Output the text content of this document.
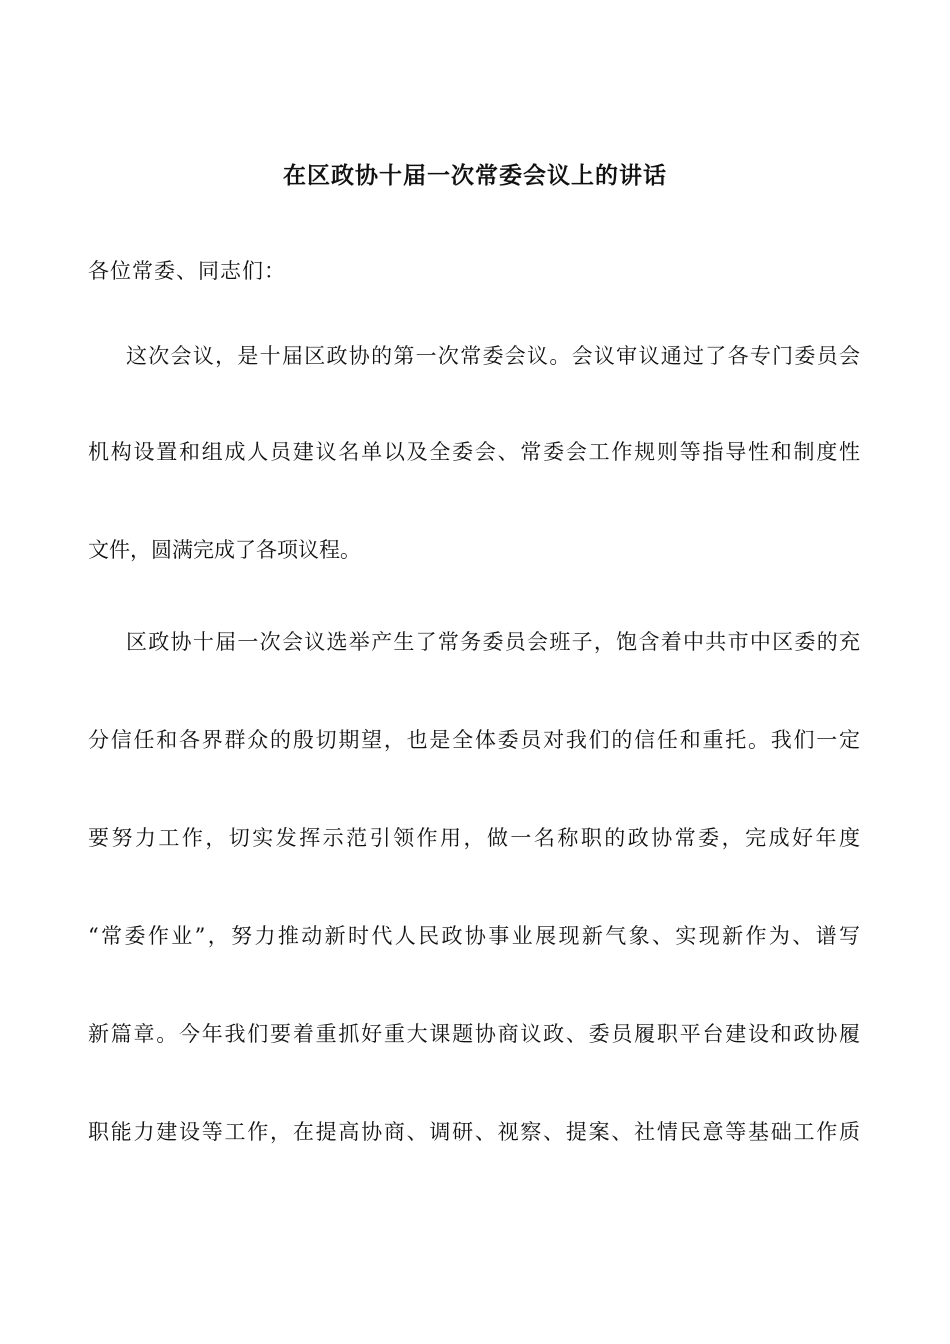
在区政协十届一次常委会议上的讲话
各位常委、同志们：
这次会议，是十届区政协的第一次常委会议。会议审议通过了各专门委员会
机构设置和组成人员建议名单以及全委会、常委会工作规则等指导性和制度性
文件，圆满完成了各项议程。
区政协十届一次会议选举产生了常务委员会班子，饱含着中共市中区委的充
分信任和各界群众的殷切期望，也是全体委员对我们的信任和重托。我们一定
要努力工作，切实发挥示范引领作用，做一名称职的政协常委，完成好年度
“常委作业”，努力推动新时代人民政协事业展现新气象、实现新作为、谱写
新篇章。今年我们要着重抓好重大课题协商议政、委员履职平台建设和政协履
职能力建设等工作，在提高协商、调研、视察、提案、社情民意等基础工作质
